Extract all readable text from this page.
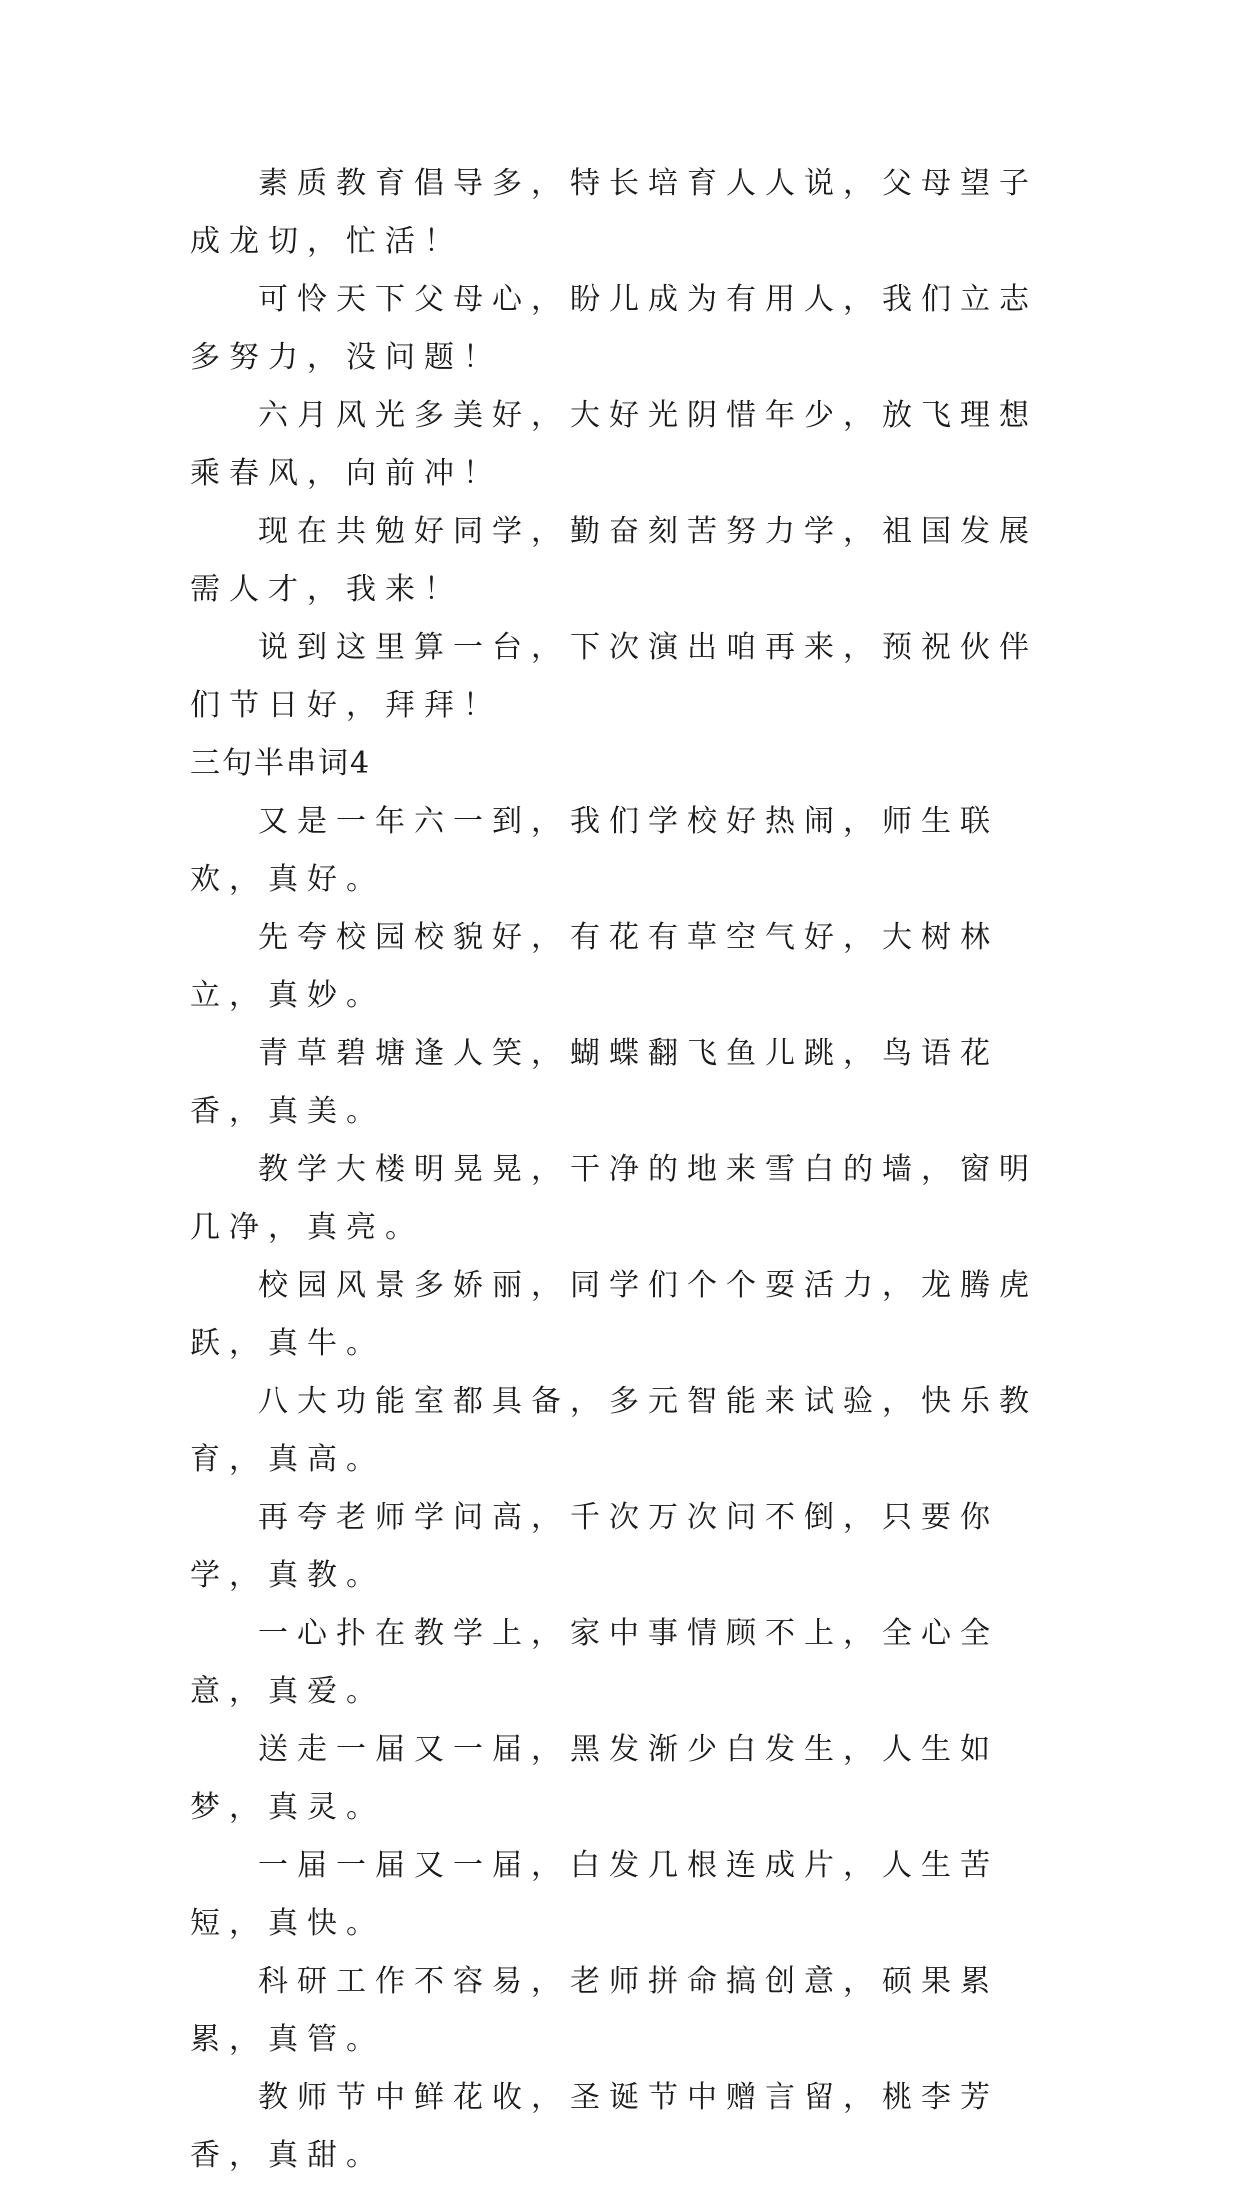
素质教育倡导多，特长培育人人说，父母望子成龙切，忙活！

可怜天下父母心，盼儿成为有用人，我们立志多努力，没问题！

六月风光多美好，大好光阴惜年少，放飞理想乘春风，向前冲！

现在共勉好同学，勤奋刻苦努力学，祖国发展需人才，我来！

说到这里算一台，下次演出咱再来，预祝伙伴们节日好，拜拜！

三句半串词4

又是一年六一到，我们学校好热闹，师生联欢，真好。

先夸校园校貌好，有花有草空气好，大树林立，真妙。

青草碧塘逢人笑，蝴蝶翻飞鱼儿跳，鸟语花香，真美。

教学大楼明晃晃，干净的地来雪白的墙，窗明几净，真亮。

校园风景多娇丽，同学们个个耍活力，龙腾虎跃，真牛。

八大功能室都具备，多元智能来试验，快乐教育，真高。

再夸老师学问高，千次万次问不倒，只要你学，真教。

一心扑在教学上，家中事情顾不上，全心全意，真爱。

送走一届又一届，黑发渐少白发生，人生如梦，真灵。

一届一届又一届，白发几根连成片，人生苦短，真快。

科研工作不容易，老师拼命搞创意，硕果累累，真管。

教师节中鲜花收，圣诞节中赠言留，桃李芳香，真甜。
